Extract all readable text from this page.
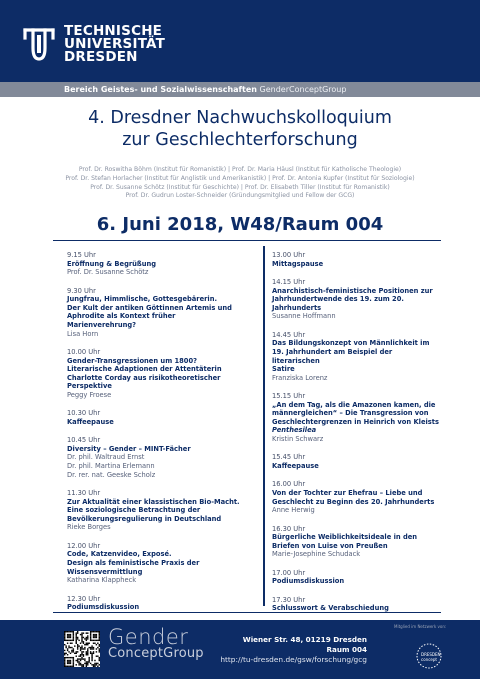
TECHNISCHE
UNIVERSITÄT
DRESDEN
Bereich Geistes- und Sozialwissenschaften GenderConceptGroup
4. Dresdner Nachwuchskolloquium
zur Geschlechterforschung
Prof. Dr. Roswitha Böhm (Institut für Romanistik) | Prof. Dr. Maria Häusl (Institut für Katholische Theologie)
Prof. Dr. Stefan Horlacher (Institut für Anglistik und Amerikanistik) | Prof. Dr. Antonia Kupfer (Institut für Soziologie)
Prof. Dr. Susanne Schötz (Institut für Geschichte) | Prof. Dr. Elisabeth Tiller (Institut für Romanistik)
Prof. Dr. Gudrun Loster-Schneider (Gründungsmitglied und Fellow der GCG)
6. Juni 2018, W48/Raum 004
9.15 Uhr
Eröffnung & Begrüßung
Prof. Dr. Susanne Schötz
9.30 Uhr
Jungfrau, Himmlische, Gottesgebärerin.
Der Kult der antiken Göttinnen Artemis und
Aphrodite als Kontext früher
Marienverehrung?
Lisa Horn
10.00 Uhr
Gender-Transgressionen um 1800?
Literarische Adaptionen der Attentäterin
Charlotte Corday aus risikotheoretischer
Perspektive
Peggy Froese
10.30 Uhr
Kaffeepause
10.45 Uhr
Diversity – Gender – MINT-Fächer
Dr. phil. Waltraud Ernst
Dr. phil. Martina Erlemann
Dr. rer. nat. Geeske Scholz
11.30 Uhr
Zur Aktualität einer klassistischen Bio-Macht.
Eine soziologische Betrachtung der
Bevölkerungsregulierung in Deutschland
Rieke Borges
12.00 Uhr
Code, Katzenvideo, Exposé.
Design als feministische Praxis der
Wissensvermittlung
Katharina Klappheck
12.30 Uhr
Podiumsdiskussion
13.00 Uhr
Mittagspause
14.15 Uhr
Anarchistisch-feministische Positionen zur
Jahrhundertwende des 19. zum 20.
Jahrhunderts
Susanne Hoffmann
14.45 Uhr
Das Bildungskonzept von Männlichkeit im
19. Jahrhundert am Beispiel der literarischen
Satire
Franziska Lorenz
15.15 Uhr
„An dem Tag, als die Amazonen kamen, die
männergleichen“ – Die Transgression von
Geschlechtergrenzen in Heinrich von Kleists
Penthesilea
Kristin Schwarz
15.45 Uhr
Kaffeepause
16.00 Uhr
Von der Tochter zur Ehefrau – Liebe und
Geschlecht zu Beginn des 20. Jahrhunderts
Anne Herwig
16.30 Uhr
Bürgerliche Weiblichkeitsideale in den
Briefen von Luise von Preußen
Marie-Josephine Schudack
17.00 Uhr
Podiumsdiskussion
17.30 Uhr
Schlusswort & Verabschiedung
Gender
ConceptGroup
Wiener Str. 48, 01219 Dresden
Raum 004
http://tu-dresden.de/gsw/forschung/gcg
Mitglied im Netzwerk von:
DRESDEN
concept
